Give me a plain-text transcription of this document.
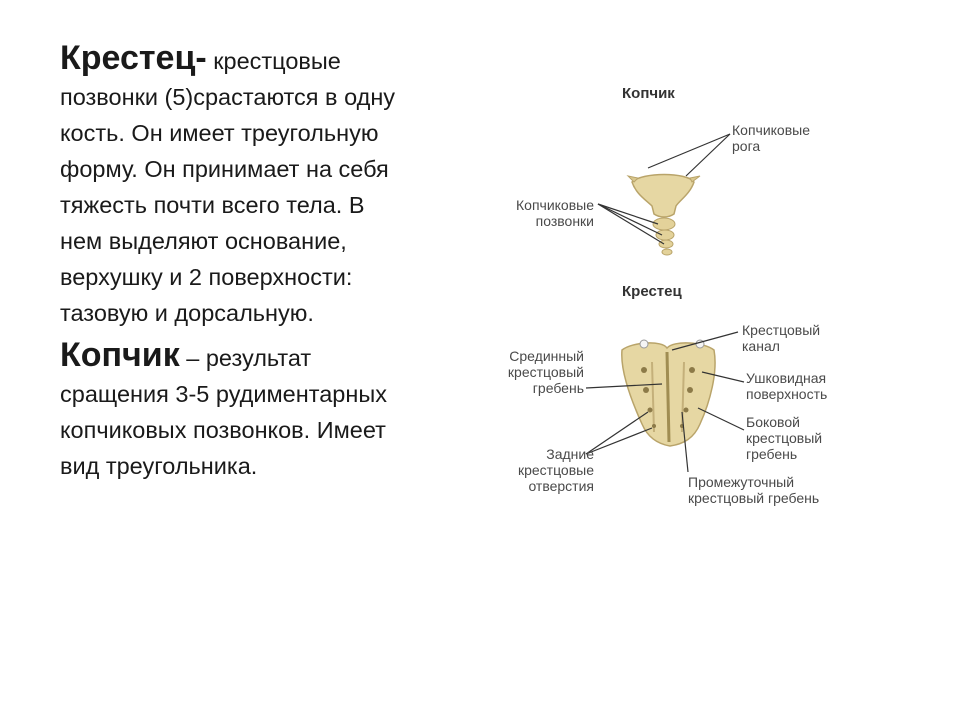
Крестец- крестцовые позвонки (5)срастаются в одну кость. Он имеет треугольную форму. Он принимает на себя тяжесть почти всего тела. В нем выделяют основание, верхушку и 2 поверхности: тазовую и дорсальную.

Копчик – результат сращения 3-5 рудиментарных копчиковых позвонков. Имеет вид треугольника.

Копчик
Копчиковые
рога
Копчиковые
позвонки
Крестец
Срединный
крестцовый
гребень
Крестцовый
канал
Ушковидная
поверхность
Боковой
крестцовый
гребень
Задние
крестцовые
отверстия	Промежуточный
крестцовый гребень
